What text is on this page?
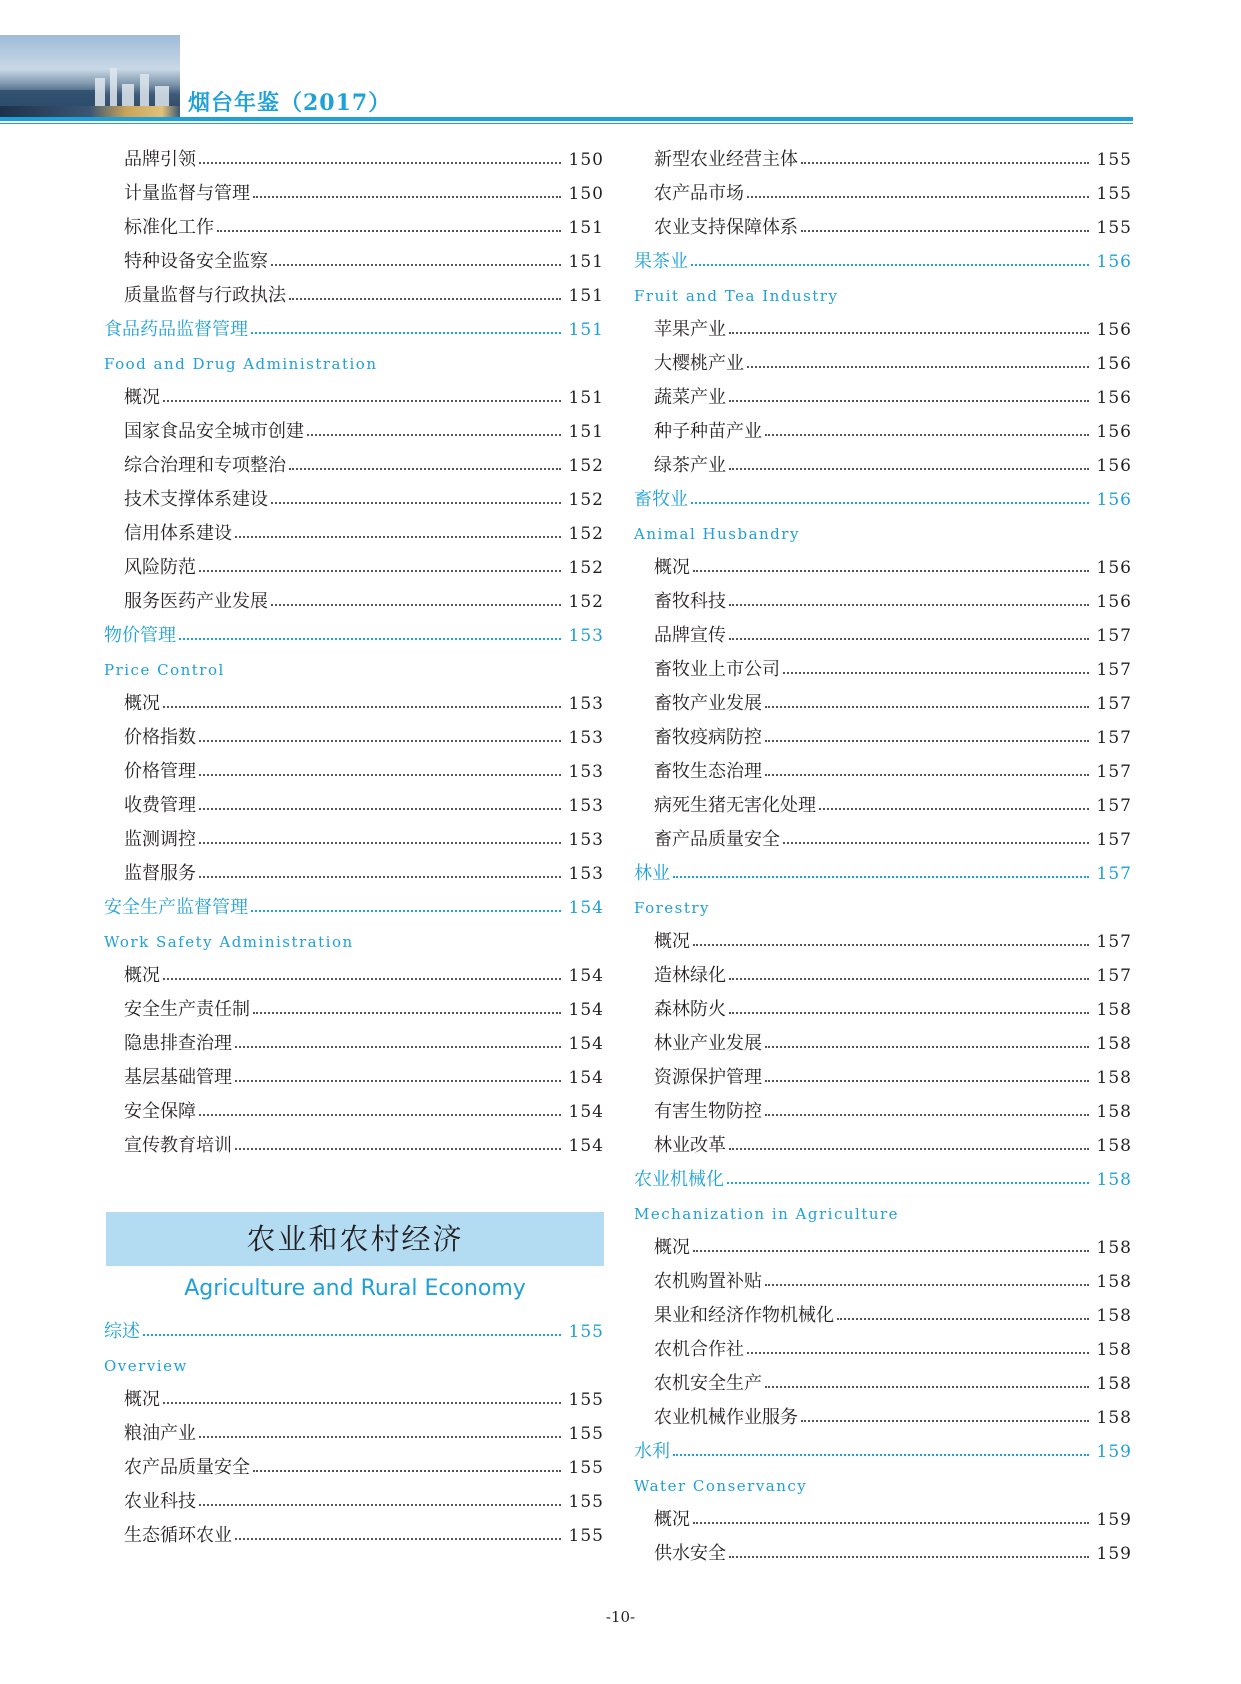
烟台年鉴（2017）
品牌引领	150
计量监督与管理	150
标准化工作	151
特种设备安全监察	151
质量监督与行政执法	151
食品药品监督管理	151
Food and Drug Administration
概况	151
国家食品安全城市创建	151
综合治理和专项整治	152
技术支撑体系建设	152
信用体系建设	152
风险防范	152
服务医药产业发展	152
物价管理	153
Price Control
概况	153
价格指数	153
价格管理	153
收费管理	153
监测调控	153
监督服务	153
安全生产监督管理	154
Work Safety Administration
概况	154
安全生产责任制	154
隐患排查治理	154
基层基础管理	154
安全保障	154
宣传教育培训	154
农业和农村经济
Agriculture and Rural Economy
综述	155
Overview
概况	155
粮油产业	155
农产品质量安全	155
农业科技	155
生态循环农业	155
新型农业经营主体	155
农产品市场	155
农业支持保障体系	155
果茶业	156
Fruit and Tea Industry
苹果产业	156
大樱桃产业	156
蔬菜产业	156
种子种苗产业	156
绿茶产业	156
畜牧业	156
Animal Husbandry
概况	156
畜牧科技	156
品牌宣传	157
畜牧业上市公司	157
畜牧产业发展	157
畜牧疫病防控	157
畜牧生态治理	157
病死生猪无害化处理	157
畜产品质量安全	157
林业	157
Forestry
概况	157
造林绿化	157
森林防火	158
林业产业发展	158
资源保护管理	158
有害生物防控	158
林业改革	158
农业机械化	158
Mechanization in Agriculture
概况	158
农机购置补贴	158
果业和经济作物机械化	158
农机合作社	158
农机安全生产	158
农业机械作业服务	158
水利	159
Water Conservancy
概况	159
供水安全	159
-10-
